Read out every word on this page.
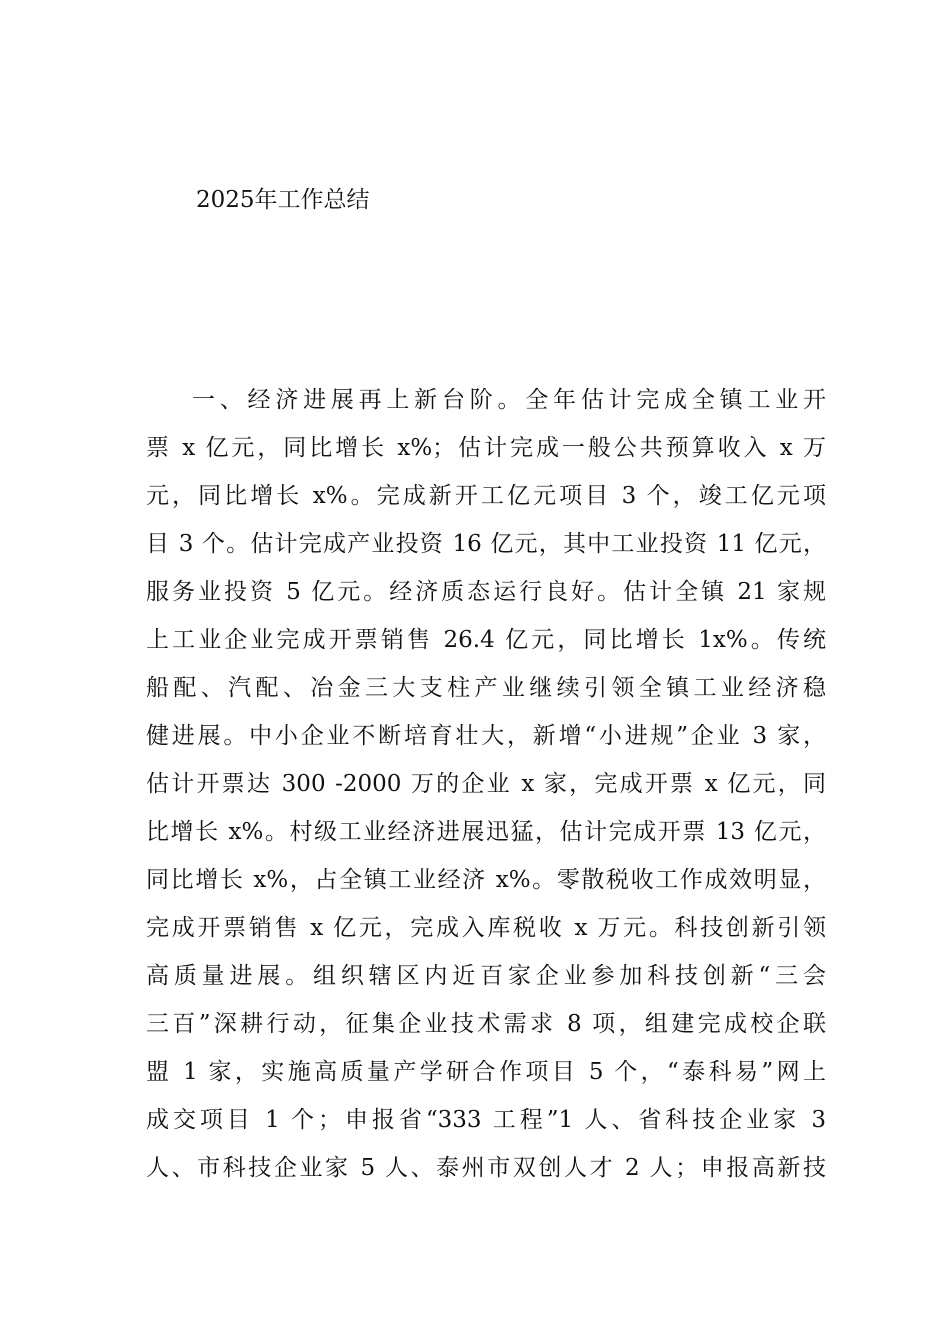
2025年工作总结
一、经济进展再上新台阶。全年估计完成全镇工业开
票 x 亿元，同比增长 x%；估计完成一般公共预算收入 x 万
元，同比增长 x%。完成新开工亿元项目 3 个，竣工亿元项
目 3 个。估计完成产业投资 16 亿元，其中工业投资 11 亿元，
服务业投资 5 亿元。经济质态运行良好。估计全镇 21 家规
上工业企业完成开票销售 26.4 亿元，同比增长 1x%。传统
船配、汽配、冶金三大支柱产业继续引领全镇工业经济稳
健进展。中小企业不断培育壮大，新增“小进规”企业 3 家，
估计开票达 300 -2000 万的企业 x 家，完成开票 x 亿元，同
比增长 x%。村级工业经济进展迅猛，估计完成开票 13 亿元，
同比增长 x%，占全镇工业经济 x%。零散税收工作成效明显，
完成开票销售 x 亿元，完成入库税收 x 万元。科技创新引领
高质量进展。组织辖区内近百家企业参加科技创新“三会
三百”深耕行动，征集企业技术需求 8 项，组建完成校企联
盟 1 家，实施高质量产学研合作项目 5 个，“泰科易”网上
成交项目 1 个；申报省“333 工程”1 人、省科技企业家 3
人、市科技企业家 5 人、泰州市双创人才 2 人；申报高新技
